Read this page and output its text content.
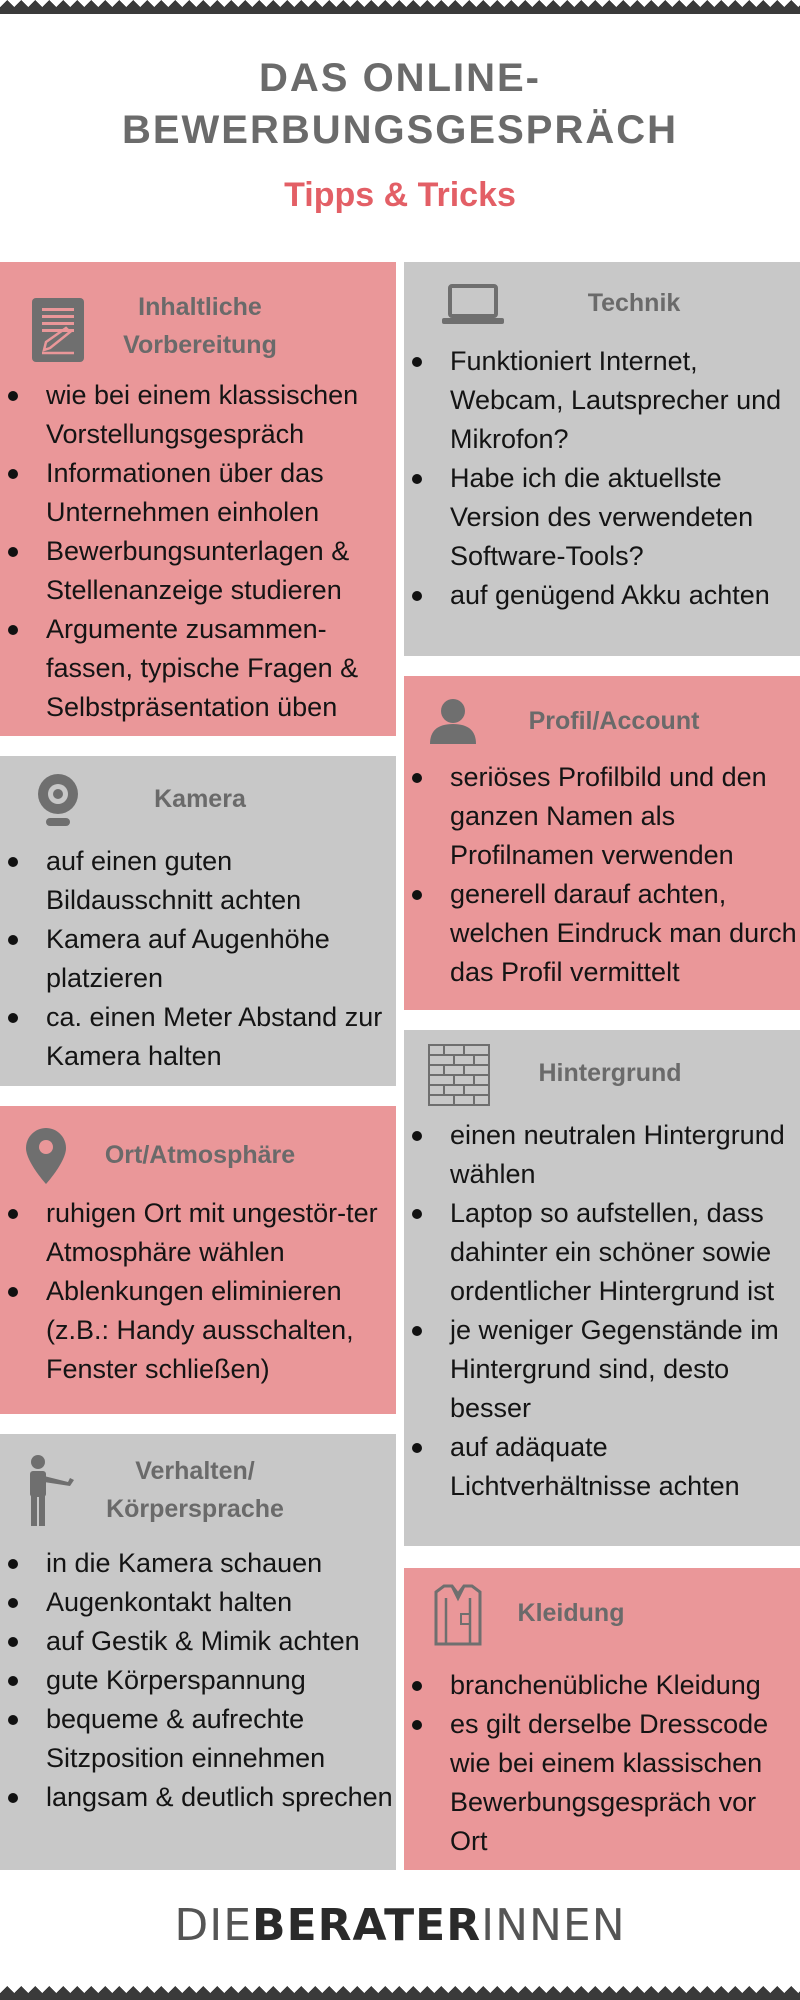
DAS ONLINE-
BEWERBUNGSGESPRÄCH
Tipps & Tricks
Inhaltliche
Vorbereitung
wie bei einem klassischen Vorstellungsgespräch
Informationen über das Unternehmen einholen
Bewerbungsunterlagen & Stellenanzeige studieren
Argumente zusammen-fassen, typische Fragen & Selbstpräsentation üben
Technik
Funktioniert Internet, Webcam, Lautsprecher und Mikrofon?
Habe ich die aktuellste Version des verwendeten Software-Tools?
auf genügend Akku achten
Kamera
auf einen guten Bildausschnitt achten
Kamera auf Augenhöhe platzieren
ca. einen Meter Abstand zur Kamera halten
Profil/Account
seriöses Profilbild und den ganzen Namen als Profilnamen verwenden
generell darauf achten, welchen Eindruck man durch das Profil vermittelt
Ort/Atmosphäre
ruhigen Ort mit ungestör-ter Atmosphäre wählen
Ablenkungen eliminieren (z.B.: Handy ausschalten, Fenster schließen)
Hintergrund
einen neutralen Hintergrund wählen
Laptop so aufstellen, dass dahinter ein schöner sowie ordentlicher Hintergrund ist
je weniger Gegenstände im Hintergrund sind, desto besser
auf adäquate Lichtverhältnisse achten
Verhalten/
Körpersprache
in die Kamera schauen
Augenkontakt halten
auf Gestik & Mimik achten
gute Körperspannung
bequeme & aufrechte Sitzposition einnehmen
langsam & deutlich sprechen
Kleidung
branchenübliche Kleidung
es gilt derselbe Dresscode wie bei einem klassischen Bewerbungsgespräch vor Ort
DIEBERATERINNEN
